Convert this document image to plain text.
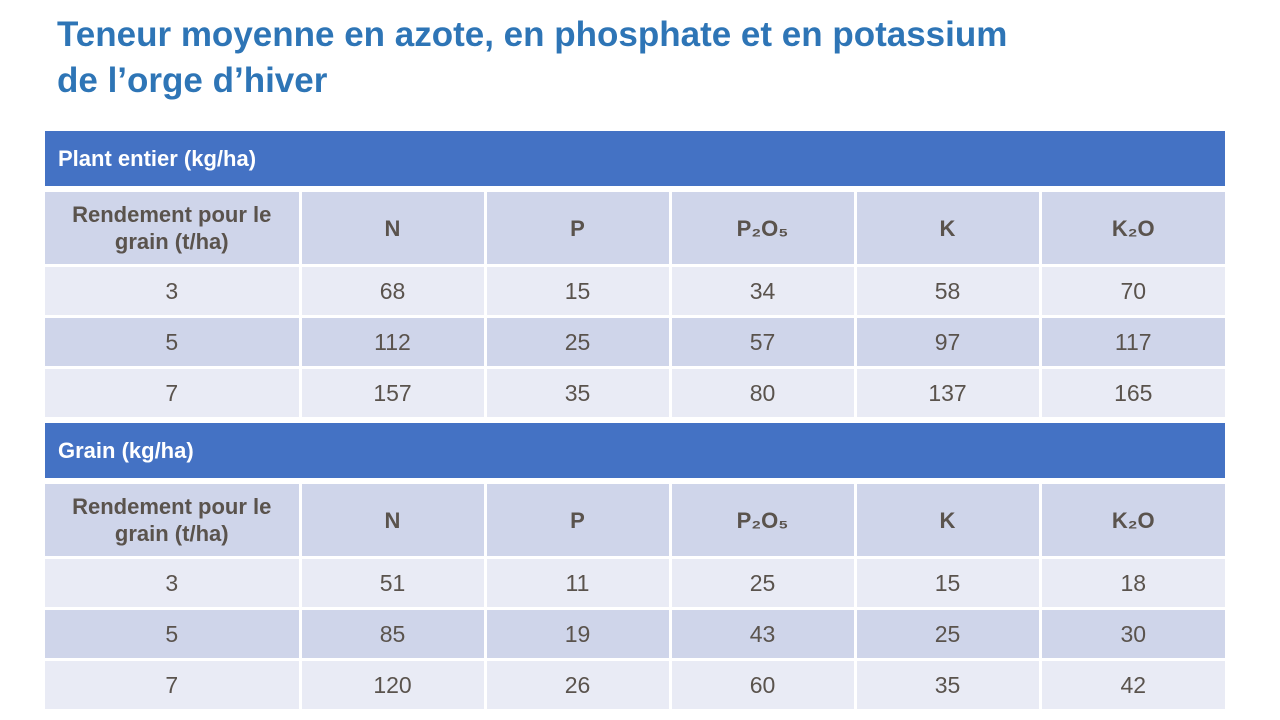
Teneur moyenne en azote, en phosphate et en potassium
de l’orge d’hiver
Plant entier (kg/ha)
Rendement pour le grain (t/ha)	N	P	P₂O₅	K	K₂O
3	68	15	34	58	70
5	112	25	57	97	117
7	157	35	80	137	165
Grain (kg/ha)
Rendement pour le grain (t/ha)	N	P	P₂O₅	K	K₂O
3	51	11	25	15	18
5	85	19	43	25	30
7	120	26	60	35	42
